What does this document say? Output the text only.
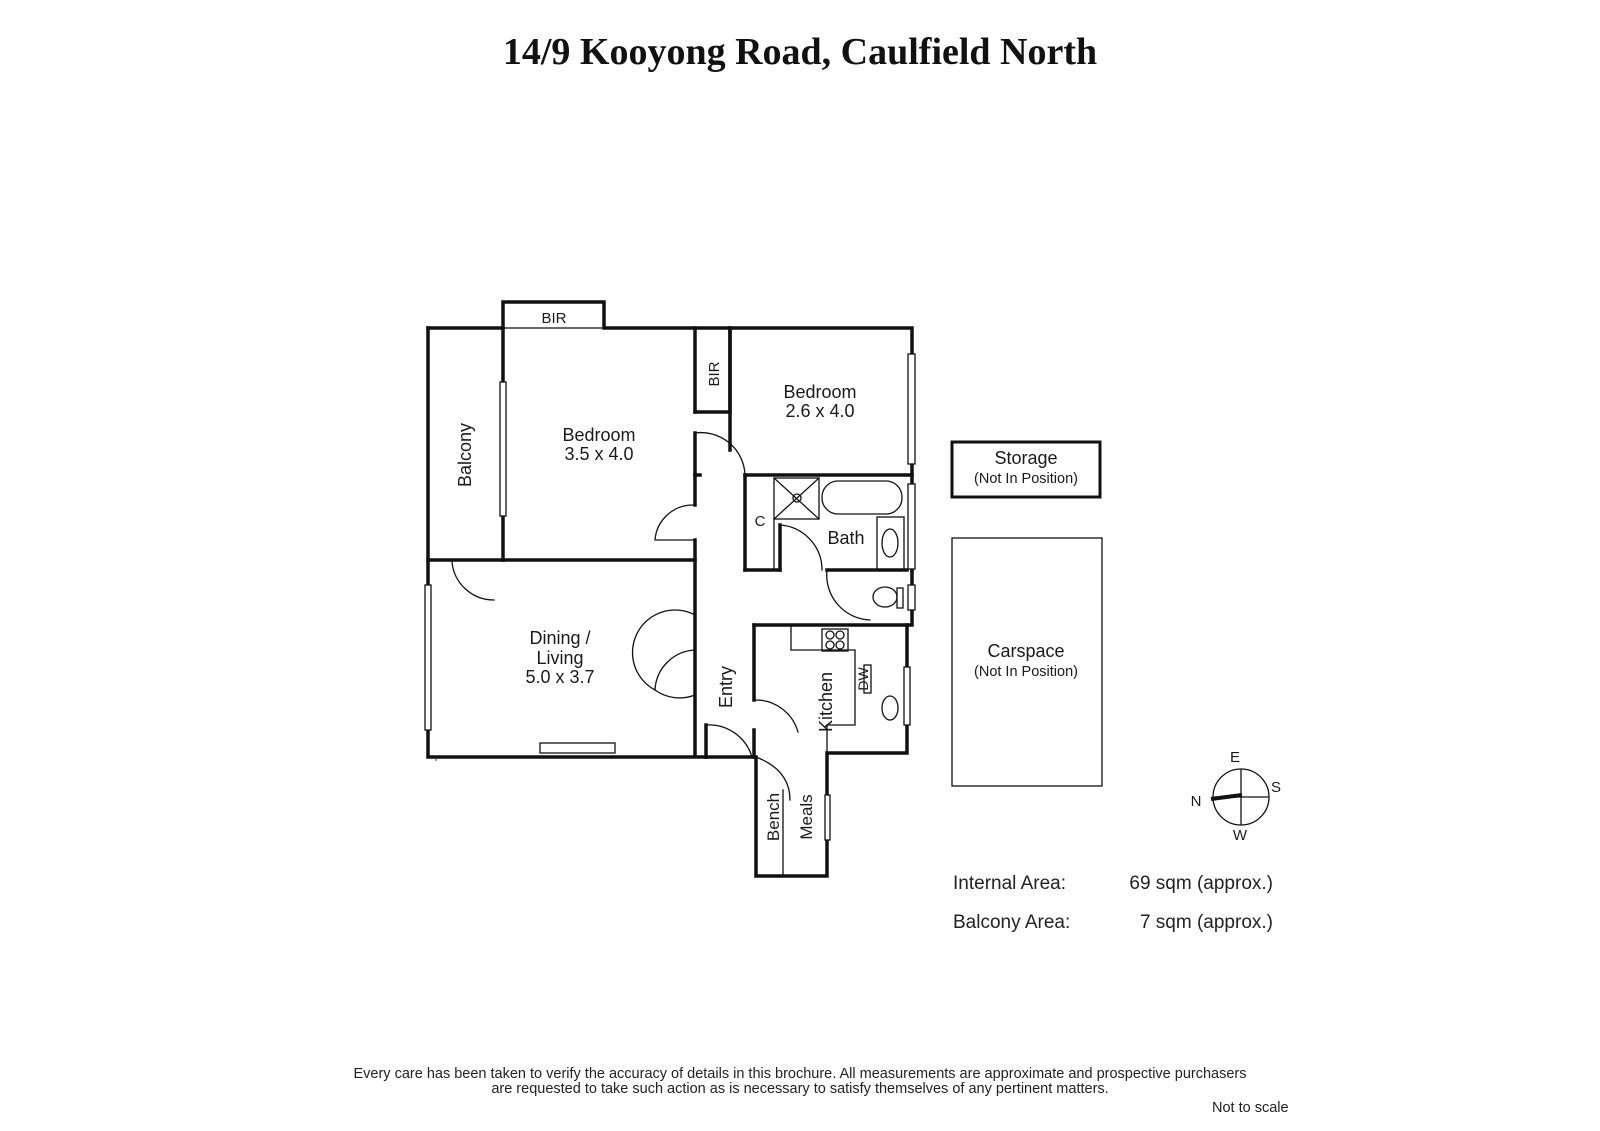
14/9 Kooyong Road, Caulfield North
BIR
BIR
Balcony	Bedroom
3.5 x 4.0
Bedroom
2.6 x 4.0
C
Bath
Dining /
Living
5.0 x 3.7	Entry	Kitchen DW
Bench Meals
Storage
(Not In Position)
Carspace
(Not In Position)
N
E
S
W
Internal Area:	69 sqm (approx.)
Balcony Area:	7 sqm (approx.)
Every care has been taken to verify the accuracy of details in this brochure. All measurements are approximate and prospective purchasers
are requested to take such action as is necessary to satisfy themselves of any pertinent matters.
Not to scale
